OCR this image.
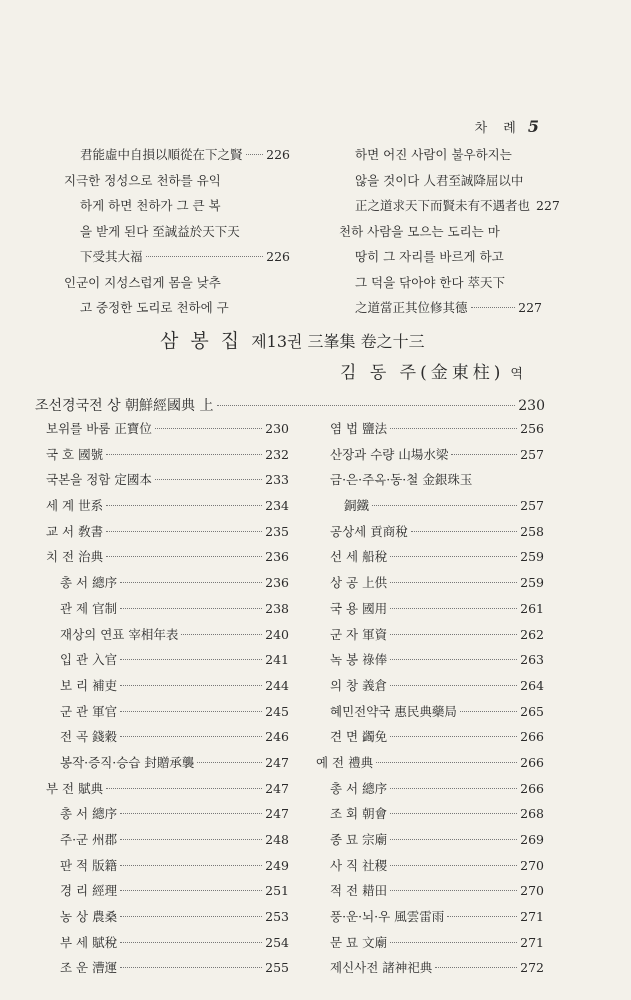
차 례 5
君能虛中自損以順從在下之賢 226
지극한 정성으로 천하를 유익
하게 하면 천하가 그 큰 복
을 받게 된다 至誠益於天下天
下受其大福	226
인군이 지성스럽게 몸을 낮추
고 중정한 도리로 천하에 구
하면 어진 사람이 불우하지는
않을 것이다 人君至誠降屈以中
正之道求天下而賢未有不遇者也 227
천하 사람을 모으는 도리는 마
땅히 그 자리를 바르게 하고
그 덕을 닦아야 한다 萃天下
之道當正其位修其德	227
삼 봉 집 제13권 三峯集 卷之十三
김 동 주(金東柱) 역
조선경국전 상 朝鮮經國典 上	230
보위를 바룸 正寶位	230
국 호 國號	232
국본을 정함 定國本	233
세 계 世系	234
교 서 敎書	235
치 전 治典	236
총 서 總序	236
관 제 官制	238
재상의 연표 宰相年表	240
입 관 入官	241
보 리 補吏	244
군 관 軍官	245
전 곡 錢穀	246
봉작·증직·승습 封贈承襲	247
부 전 賦典	247
총 서 總序	247
주·군 州郡	248
판 적 版籍	249
경 리 經理	251
농 상 農桑	253
부 세 賦稅	254
조 운 漕運	255
염 법 鹽法	256
산장과 수량 山場水梁	257
금·은·주옥·동·철 金銀珠玉
銅鐵	257
공상세 貢商稅	258
선 세 船稅	259
상 공 上供	259
국 용 國用	261
군 자 軍資	262
녹 봉 祿俸	263
의 창 義倉	264
혜민전약국 惠民典藥局	265
견 면 蠲免	266
예 전 禮典	266
총 서 總序	266
조 회 朝會	268
종 묘 宗廟	269
사 직 社稷	270
적 전 耤田	270
풍·운·뇌·우 風雲雷雨	271
문 묘 文廟	271
제신사전 諸神祀典	272
